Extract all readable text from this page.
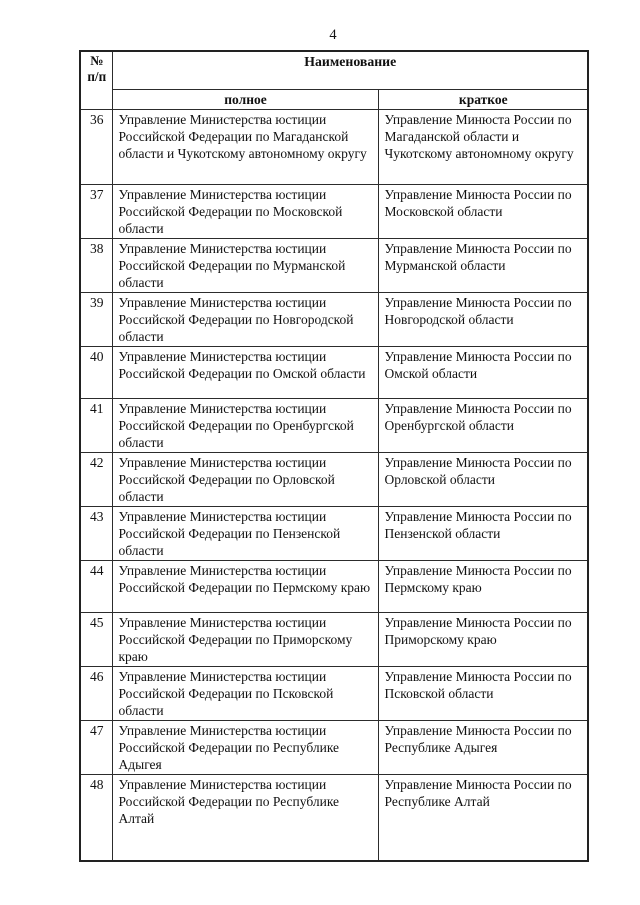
4
№
п/п	Наименование	
	полное	краткое
36	Управление Министерства юстиции Российской Федерации по Магаданской области и Чукотскому автономному округу	Управление Минюста России по Магаданской области и Чукотскому автономному округу
37	Управление Министерства юстиции Российской Федерации по Московской области	Управление Минюста России по Московской области
38	Управление Министерства юстиции Российской Федерации по Мурманской области	Управление Минюста России по Мурманской области
39	Управление Министерства юстиции Российской Федерации по Новгородской области	Управление Минюста России по Новгородской области
40	Управление Министерства юстиции Российской Федерации по Омской области	Управление Минюста России по Омской области
41	Управление Министерства юстиции Российской Федерации по Оренбургской области	Управление Минюста России по Оренбургской области
42	Управление Министерства юстиции Российской Федерации по Орловской области	Управление Минюста России по Орловской области
43	Управление Министерства юстиции Российской Федерации по Пензенской области	Управление Минюста России по Пензенской области
44	Управление Министерства юстиции Российской Федерации по Пермскому краю	Управление Минюста России по Пермскому краю
45	Управление Министерства юстиции Российской Федерации по Приморскому краю	Управление Минюста России по Приморскому краю
46	Управление Министерства юстиции Российской Федерации по Псковской области	Управление Минюста России по Псковской области
47	Управление Министерства юстиции Российской Федерации по Республике Адыгея	Управление Минюста России по Республике Адыгея
48	Управление Министерства юстиции Российской Федерации по Республике Алтай	Управление Минюста России по Республике Алтай
